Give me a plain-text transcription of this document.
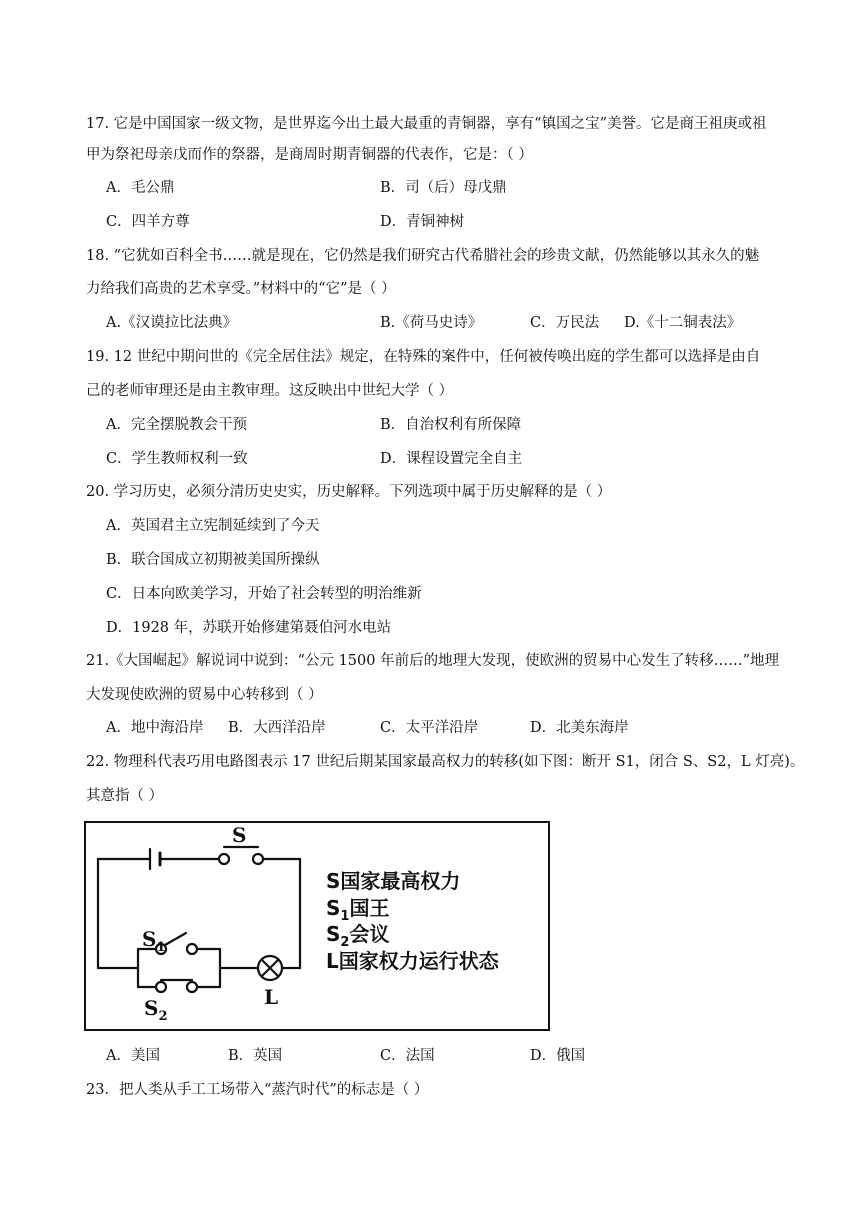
17. 它是中国国家一级文物，是世界迄今出土最大最重的青铜器，享有“镇国之宝”美誉。它是商王祖庚或祖
甲为祭祀母亲戊而作的祭器，是商周时期青铜器的代表作，它是：（ ）
A．毛公鼎	B．司（后）母戊鼎
C．四羊方尊	D．青铜神树
18. “它犹如百科全书……就是现在，它仍然是我们研究古代希腊社会的珍贵文献，仍然能够以其永久的魅
力给我们高贵的艺术享受。”材料中的“它”是（ ）
A.《汉谟拉比法典》	B.《荷马史诗》	C．万民法 D.《十二铜表法》
19. 12 世纪中期问世的《完全居住法》规定，在特殊的案件中，任何被传唤出庭的学生都可以选择是由自
己的老师审理还是由主教审理。这反映出中世纪大学（ ）
A．完全摆脱教会干预	B．自治权利有所保障
C．学生教师权利一致	D．课程设置完全自主
20. 学习历史，必须分清历史史实，历史解释。下列选项中属于历史解释的是（ ）
A．英国君主立宪制延续到了今天
B．联合国成立初期被美国所操纵
C．日本向欧美学习，开始了社会转型的明治维新
D．1928 年，苏联开始修建第聂伯河水电站
21.《大国崛起》解说词中说到：“公元 1500 年前后的地理大发现，使欧洲的贸易中心发生了转移……”地理
大发现使欧洲的贸易中心转移到（ ）
A．地中海沿岸 B．大西洋沿岸	C．太平洋沿岸	D．北美东海岸
22. 物理科代表巧用电路图表示 17 世纪后期某国家最高权力的转移(如下图：断开 S1，闭合 S、S2，L 灯亮)。
其意指（ ）
S
$S_1$
$S_2$
L
S国家最高权力
$S_1$国王
$S_2$会议
L国家权力运行状态
A．美国	B．英国	C．法国	D．俄国
23．把人类从手工工场带入“蒸汽时代”的标志是（ ）
